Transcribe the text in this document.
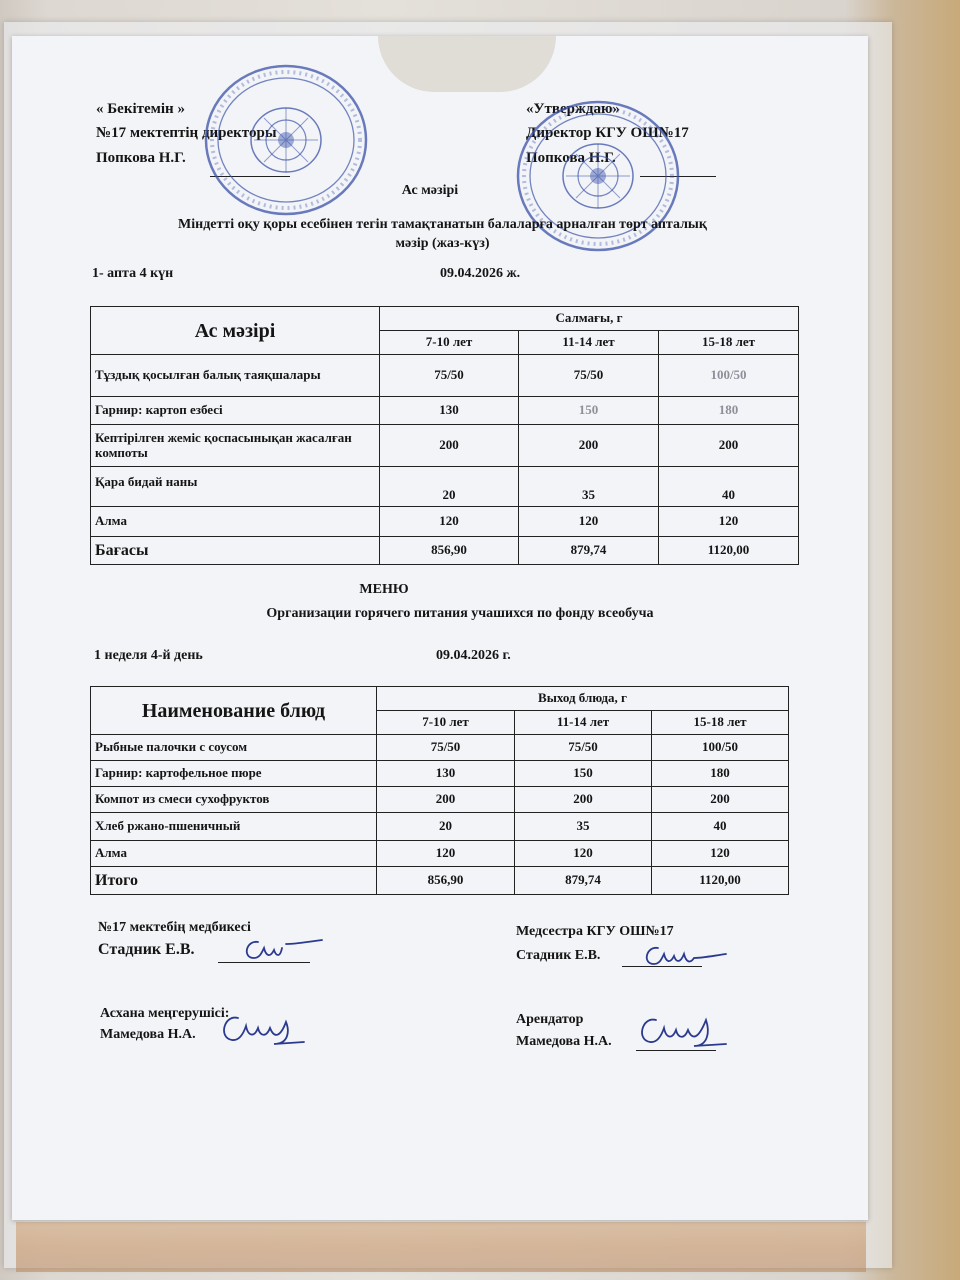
« Бекітемін »
№17 мектептің директоры
Попкова Н.Г.
«Утверждаю»
Директор КГУ ОШ№17
Попкова Н.Г.
Ас мәзірі
Міндетті оқу қоры есебінен тегін тамақтанатын балаларға арналған төрт апталық
мәзір (жаз-күз)
1- апта 4 күн	09.04.2026 ж.
Ас мәзірі	Салмағы, г		
	7-10 лет	11-14 лет	15-18 лет
Тұздық қосылған балық таяқшалары	75/50	75/50	100/50
Гарнир: картоп езбесі	130	150	180
Кептірілген жеміс қоспасынықан жасалған компоты	200	200	200
Қара бидай наны	20	35	40
Алма	120	120	120
Бағасы	856,90	879,74	1120,00
МЕНЮ
Организации горячего питания учашихся по фонду всеобуча
1 неделя 4-й день	09.04.2026 г.
Наименование блюд	Выход блюда, г		
	7-10 лет	11-14 лет	15-18 лет
Рыбные палочки с соусом	75/50	75/50	100/50
Гарнир: картофельное пюре	130	150	180
Компот из смеси сухофруктов	200	200	200
Хлеб ржано-пшеничный	20	35	40
Алма	120	120	120
Итого	856,90	879,74	1120,00
№17 мектебің медбикесі
Стадник Е.В.
Медсестра КГУ ОШ№17
Стадник Е.В.
Асхана меңгерушісі:
Мамедова Н.А.
Арендатор
Мамедова Н.А.
